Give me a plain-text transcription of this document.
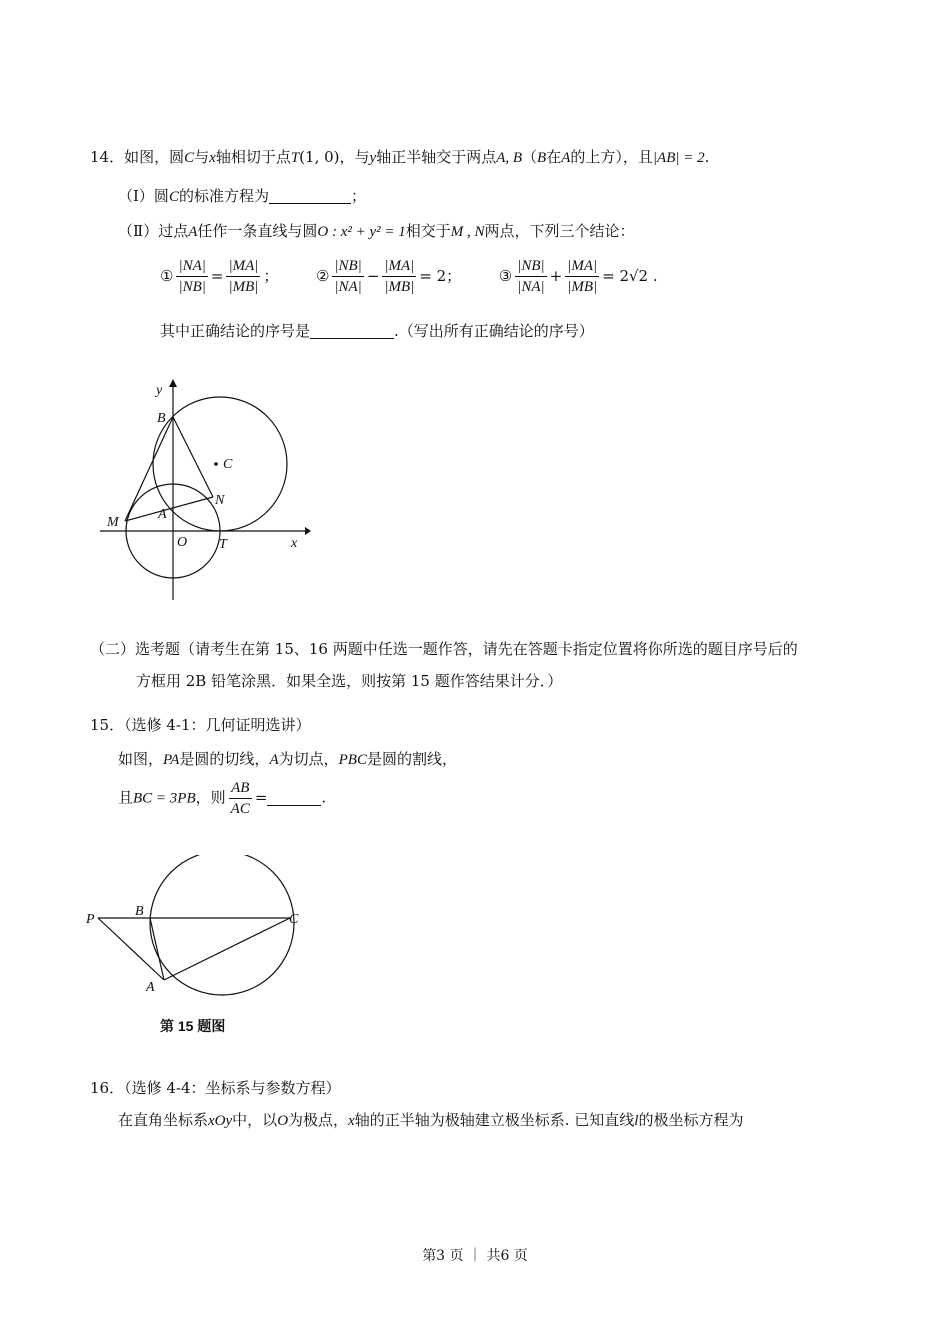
14．如图，圆C与x轴相切于点T(1, 0)，与y轴正半轴交于两点A, B（B在A的上方），且|AB| = 2.
（Ⅰ）圆C的标准方程为	；
（Ⅱ）过点A任作一条直线与圆O : x² + y² = 1相交于M , N两点，下列三个结论：
① $\frac{|NA|}{|NB|} = \frac{|MA|}{|MB|}$ ；	② $\frac{|NB|}{|NA|} - \frac{|MA|}{|MB|} = 2$；	③ $\frac{|NB|}{|NA|} + \frac{|MA|}{|MB|} = 2√2$ .
其中正确结论的序号是	.（写出所有正确结论的序号）
y
B
C
N
M
A
O T	x
（二）选考题（请考生在第 15、16 两题中任选一题作答，请先在答题卡指定位置将你所选的题目序号后的
方框用 2B 铅笔涂黑．如果全选，则按第 15 题作答结果计分．）
15．（选修 4-1：几何证明选讲）
如图，PA是圆的切线，A为切点，PBC是圆的割线，
且BC = 3PB，则 $\frac{AB}{AC}$ =	.
P
B
C
A
第 15 题图
16．（选修 4-4：坐标系与参数方程）
在直角坐标系xOy中，以O为极点，x轴的正半轴为极轴建立极坐标系. 已知直线l的极坐标方程为
第3 页 ｜ 共6 页
